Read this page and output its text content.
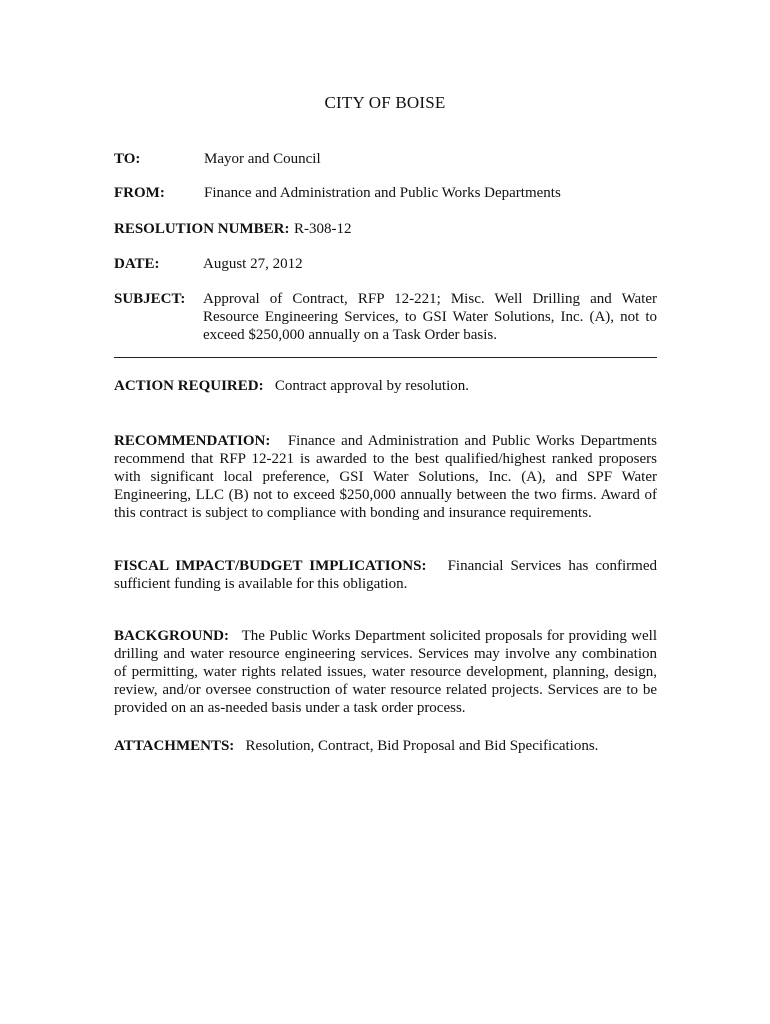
CITY OF BOISE
TO:	Mayor and Council
FROM:	Finance and Administration and Public Works Departments
RESOLUTION NUMBER: R-308-12
DATE:	August 27, 2012
SUBJECT: Approval of Contract, RFP 12-221; Misc. Well Drilling and Water Resource Engineering Services, to GSI Water Solutions, Inc. (A), not to exceed $250,000 annually on a Task Order basis.
ACTION REQUIRED:   Contract approval by resolution.
RECOMMENDATION:   Finance and Administration and Public Works Departments recommend that RFP 12-221 is awarded to the best qualified/highest ranked proposers with significant local preference, GSI Water Solutions, Inc. (A), and SPF Water Engineering, LLC (B) not to exceed $250,000 annually between the two firms. Award of this contract is subject to compliance with bonding and insurance requirements.
FISCAL IMPACT/BUDGET IMPLICATIONS:   Financial Services has confirmed sufficient funding is available for this obligation.
BACKGROUND:   The Public Works Department solicited proposals for providing well drilling and water resource engineering services. Services may involve any combination of permitting, water rights related issues, water resource development, planning, design, review, and/or oversee construction of water resource related projects. Services are to be provided on an as-needed basis under a task order process.
ATTACHMENTS:   Resolution, Contract, Bid Proposal and Bid Specifications.
